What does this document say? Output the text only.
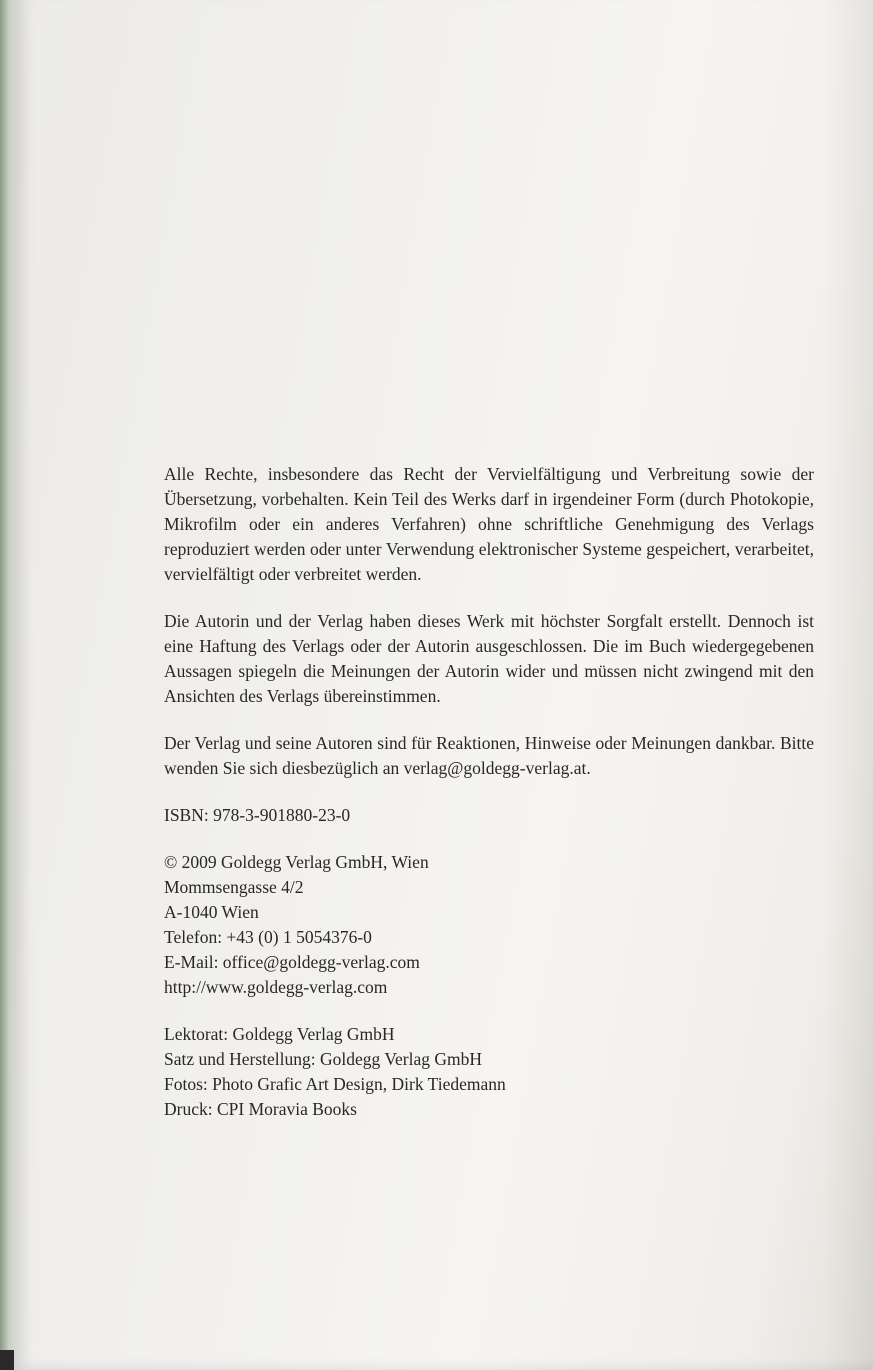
Alle Rechte, insbesondere das Recht der Vervielfältigung und Verbreitung sowie der Übersetzung, vorbehalten. Kein Teil des Werks darf in irgendeiner Form (durch Photokopie, Mikrofilm oder ein anderes Verfahren) ohne schriftliche Genehmigung des Verlags reproduziert werden oder unter Verwendung elektronischer Systeme gespeichert, verarbeitet, vervielfältigt oder verbreitet werden.

Die Autorin und der Verlag haben dieses Werk mit höchster Sorgfalt erstellt. Dennoch ist eine Haftung des Verlags oder der Autorin ausgeschlossen. Die im Buch wiedergegebenen Aussagen spiegeln die Meinungen der Autorin wider und müssen nicht zwingend mit den Ansichten des Verlags übereinstimmen.

Der Verlag und seine Autoren sind für Reaktionen, Hinweise oder Meinungen dankbar. Bitte wenden Sie sich diesbezüglich an verlag@goldegg-verlag.at.

ISBN: 978-3-901880-23-0
© 2009 Goldegg Verlag GmbH, Wien
Mommsengasse 4/2
A-1040 Wien
Telefon: +43 (0) 1 5054376-0
E-Mail: office@goldegg-verlag.com
http://www.goldegg-verlag.com
Lektorat: Goldegg Verlag GmbH
Satz und Herstellung: Goldegg Verlag GmbH
Fotos: Photo Grafic Art Design, Dirk Tiedemann
Druck: CPI Moravia Books
